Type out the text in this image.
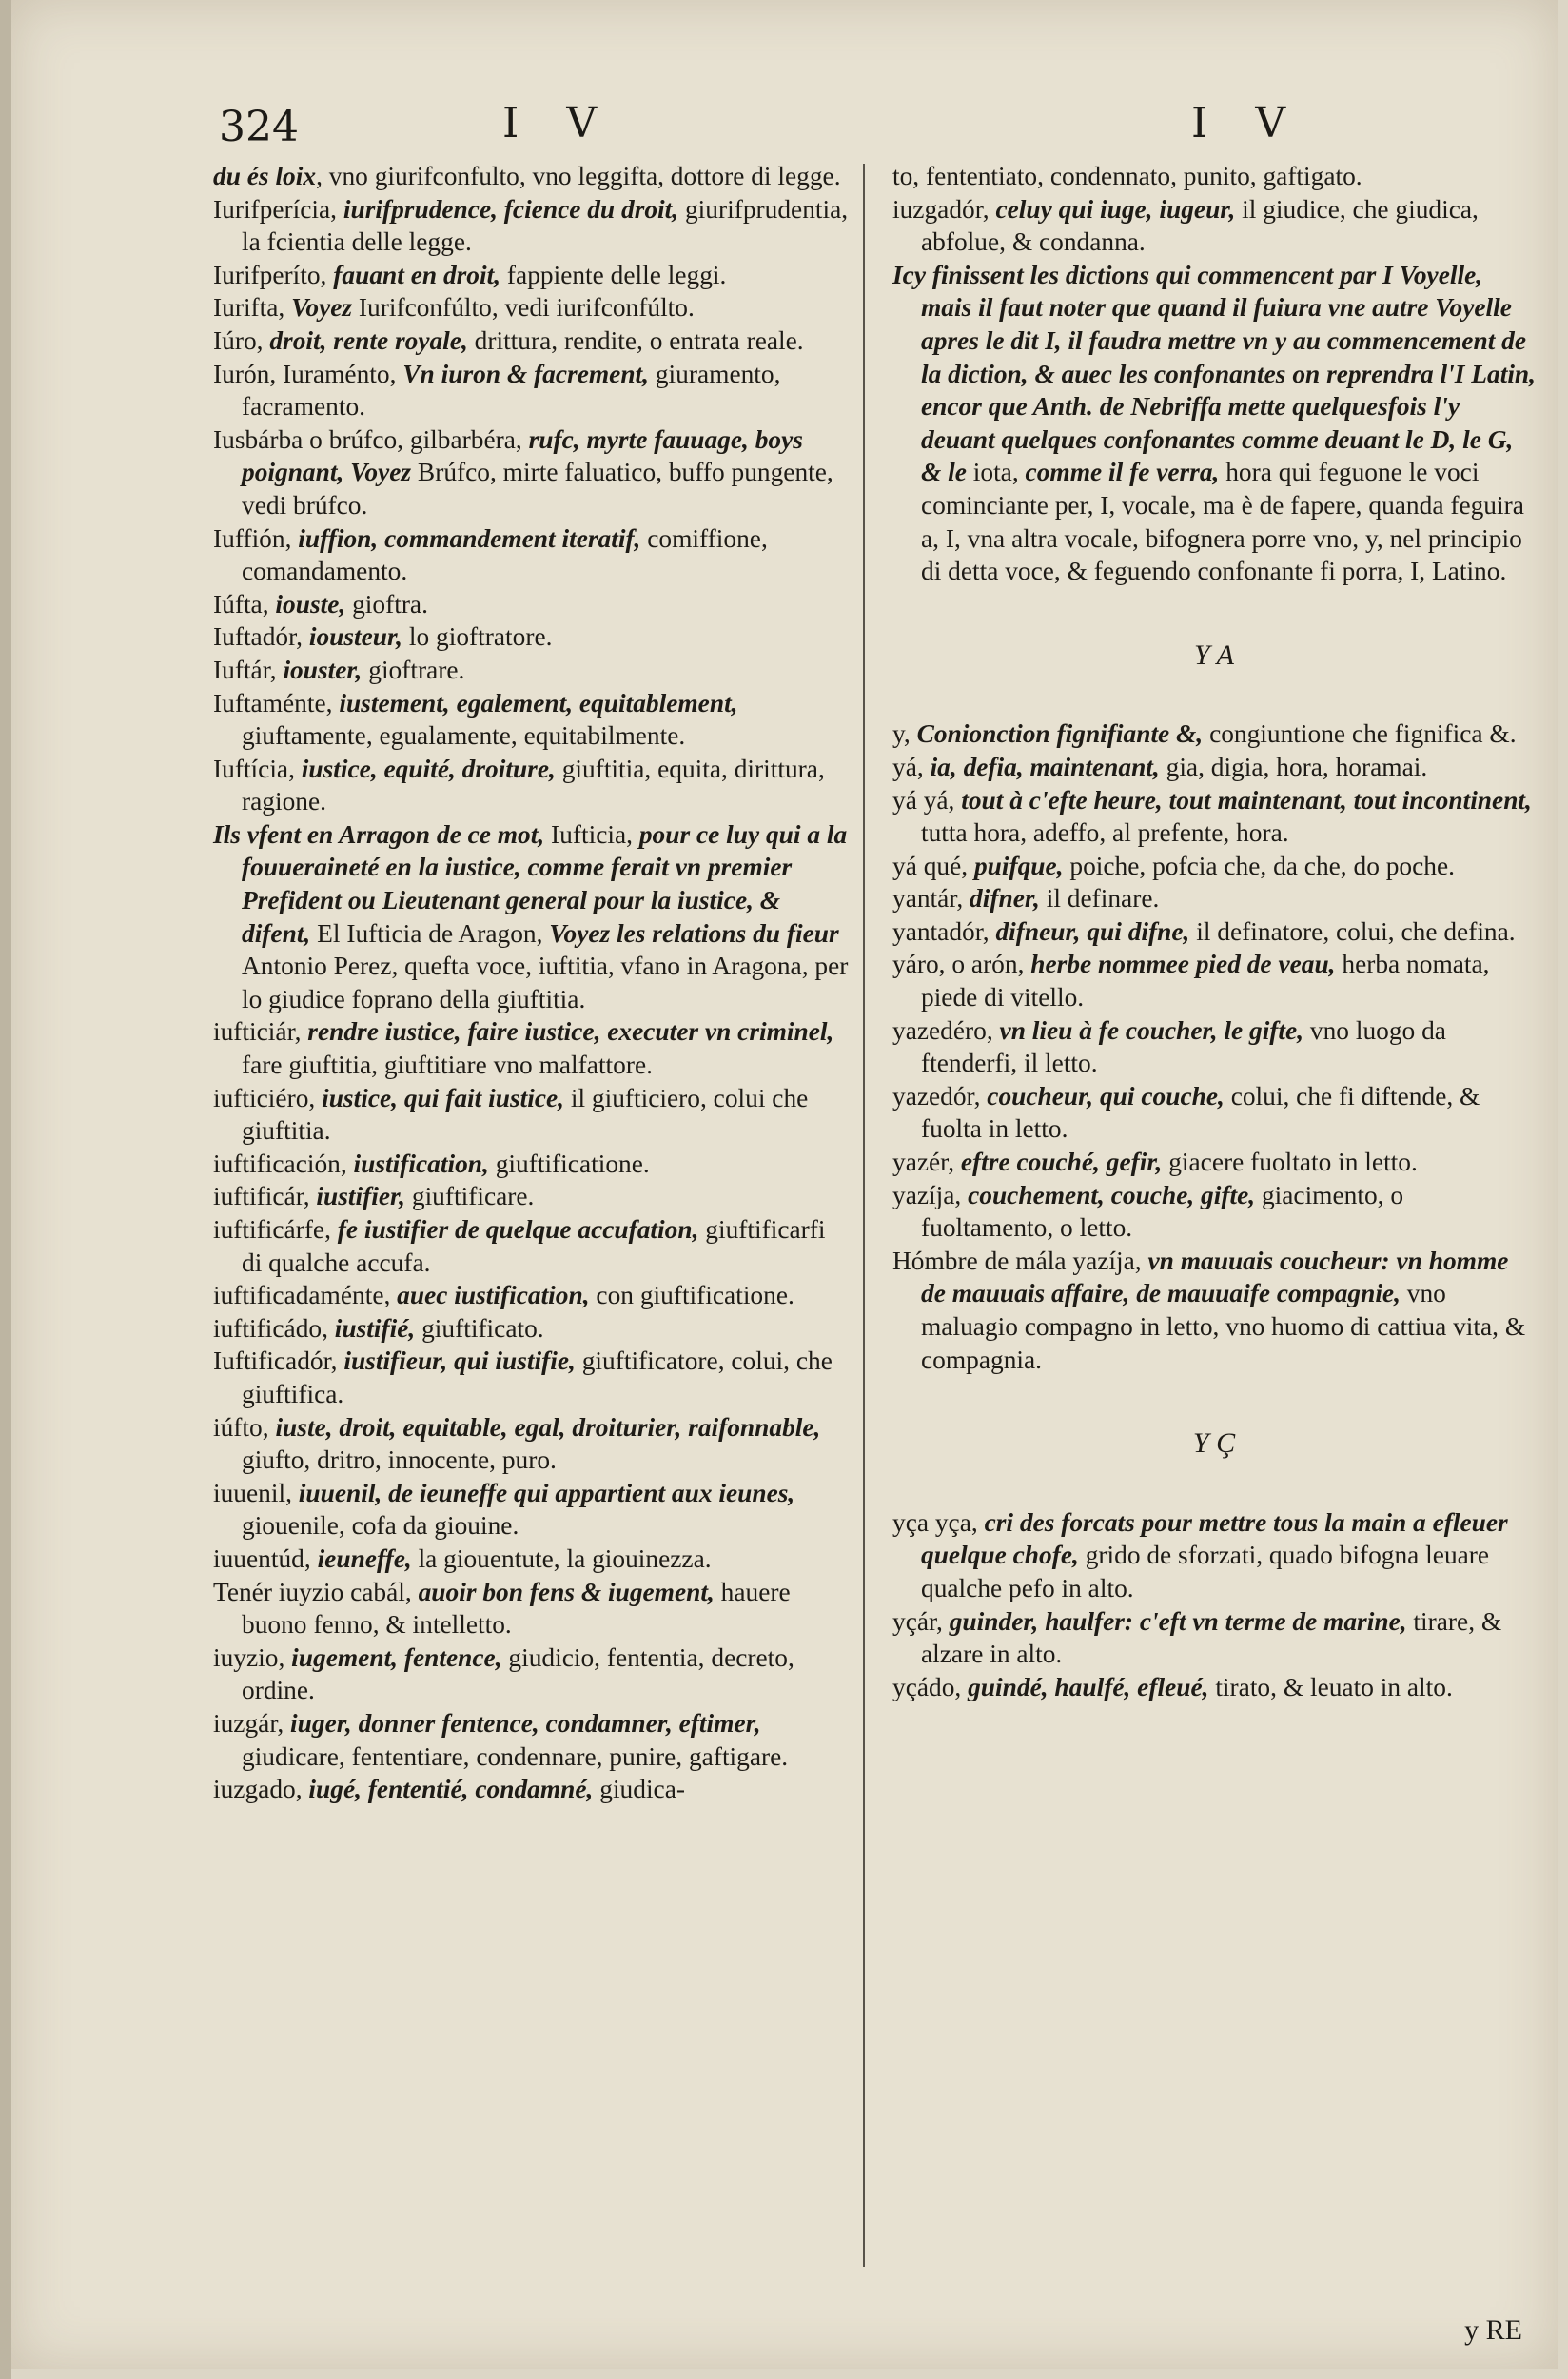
324	I V	I V

du és loix, vno giurifconfulto, vno leggifta, dottore di legge.

Iurifperícia, iurifprudence, fcience du droit, giurifprudentia, la fcientia delle legge.

Iurifperíto, fauant en droit, fappiente delle leggi.

Iurifta, Voyez Iurifconfúlto, vedi iurifconfúlto.

Iúro, droit, rente royale, drittura, rendite, o entrata reale.

Iurón, Iuraménto, Vn iuron & facrement, giuramento, facramento.

Iusbárba o brúfco, gilbarbéra, rufc, myrte fauuage, boys poignant, Voyez Brúfco, mirte faluatico, buffo pungente, vedi brúfco.

Iuffión, iuffion, commandement iteratif, comiffione, comandamento.

Iúfta, iouste, gioftra.

Iuftadór, iousteur, lo gioftratore.

Iuftár, iouster, gioftrare.

Iuftaménte, iustement, egalement, equitablement, giuftamente, egualamente, equitabilmente.

Iuftícia, iustice, equité, droiture, giuftitia, equita, dirittura, ragione.

Ils vfent en Arragon de ce mot, Iufticia, pour ce luy qui a la fouueraineté en la iustice, comme ferait vn premier Prefident ou Lieutenant general pour la iustice, & difent, El Iufticia de Aragon, Voyez les relations du fieur Antonio Perez, quefta voce, iuftitia, vfano in Aragona, per lo giudice foprano della giuftitia.

iufticiár, rendre iustice, faire iustice, executer vn criminel, fare giuftitia, giuftitiare vno malfattore.

iufticiéro, iustice, qui fait iustice, il giufticiero, colui che giuftitia.

iuftificación, iustification, giuftificatione.

iuftificár, iustifier, giuftificare.

iuftificárfe, fe iustifier de quelque accufation, giuftificarfi di qualche accufa.

iuftificadaménte, auec iustification, con giuftificatione.

iuftificádo, iustifié, giuftificato.

Iuftificadór, iustifieur, qui iustifie, giuftificatore, colui, che giuftifica.

iúfto, iuste, droit, equitable, egal, droiturier, raifonnable, giufto, dritro, innocente, puro.

iuuenil, iuuenil, de ieuneffe qui appartient aux ieunes, giouenile, cofa da giouine.

iuuentúd, ieuneffe, la giouentute, la giouinezza.

Tenér iuyzio cabál, auoir bon fens & iugement, hauere buono fenno, & intelletto.

iuyzio, iugement, fentence, giudicio, fententia, decreto, ordine.

iuzgár, iuger, donner fentence, condamner, eftimer, giudicare, fententiare, condennare, punire, gaftigare.

iuzgado, iugé, fententié, condamné, giudica-

to, fententiato, condennato, punito, gaftigato.

iuzgadór, celuy qui iuge, iugeur, il giudice, che giudica, abfolue, & condanna.

Icy finissent les dictions qui commencent par I Voyelle, mais il faut noter que quand il fuiura vne autre Voyelle apres le dit I, il faudra mettre vn y au commencement de la diction, & auec les confonantes on reprendra l'I Latin, encor que Anth. de Nebriffa mette quelquesfois l'y deuant quelques confonantes comme deuant le D, le G, & le iota, comme il fe verra, hora qui feguone le voci cominciante per, I, vocale, ma è de fapere, quanda feguira a, I, vna altra vocale, bifognera porre vno, y, nel principio di detta voce, & feguendo confonante fi porra, I, Latino.

Y A

y, Conionction fignifiante &, congiuntione che fignifica &.

yá, ia, defia, maintenant, gia, digia, hora, horamai.

yá yá, tout à c'efte heure, tout maintenant, tout incontinent, tutta hora, adeffo, al prefente, hora.

yá qué, puifque, poiche, pofcia che, da che, do poche.

yantár, difner, il definare.

yantadór, difneur, qui difne, il definatore, colui, che defina.

yáro, o arón, herbe nommee pied de veau, herba nomata, piede di vitello.

yazedéro, vn lieu à fe coucher, le gifte, vno luogo da ftenderfi, il letto.

yazedór, coucheur, qui couche, colui, che fi diftende, & fuolta in letto.

yazér, eftre couché, gefir, giacere fuoltato in letto.

yazíja, couchement, couche, gifte, giacimento, o fuoltamento, o letto.

Hómbre de mála yazíja, vn mauuais coucheur: vn homme de mauuais affaire, de mauuaife compagnie, vno maluagio compagno in letto, vno huomo di cattiua vita, & compagnia.

Y Ç

yça yça, cri des forcats pour mettre tous la main a efleuer quelque chofe, grido de sforzati, quado bifogna leuare qualche pefo in alto.

yçár, guinder, haulfer: c'eft vn terme de marine, tirare, & alzare in alto.

yçádo, guindé, haulfé, efleué, tirato, & leuato in alto.

y RE
